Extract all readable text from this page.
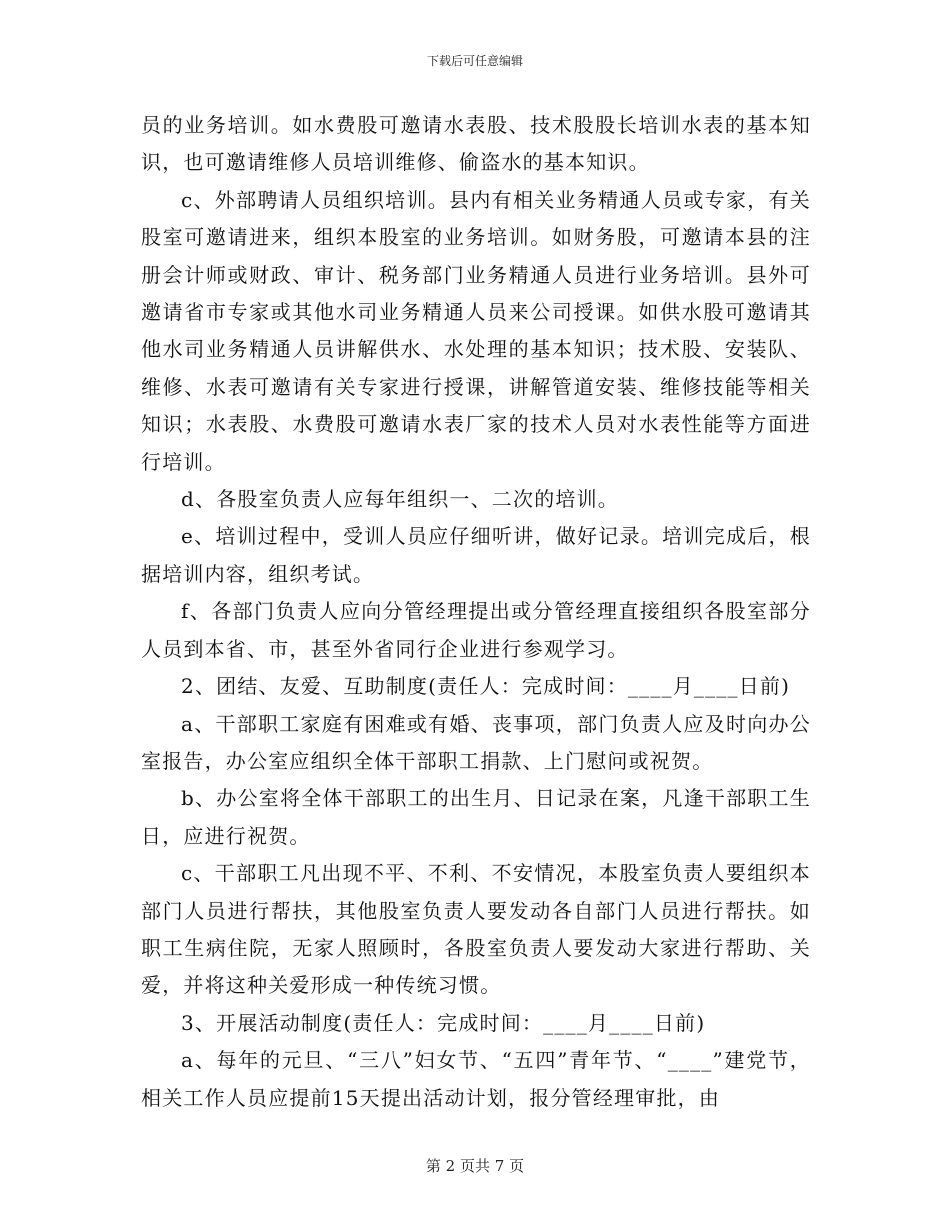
下载后可任意编辑

员的业务培训。如水费股可邀请水表股、技术股股长培训水表的基本知识，也可邀请维修人员培训维修、偷盗水的基本知识。

c、外部聘请人员组织培训。县内有相关业务精通人员或专家，有关股室可邀请进来，组织本股室的业务培训。如财务股，可邀请本县的注册会计师或财政、审计、税务部门业务精通人员进行业务培训。县外可邀请省市专家或其他水司业务精通人员来公司授课。如供水股可邀请其他水司业务精通人员讲解供水、水处理的基本知识；技术股、安装队、维修、水表可邀请有关专家进行授课，讲解管道安装、维修技能等相关知识；水表股、水费股可邀请水表厂家的技术人员对水表性能等方面进行培训。

d、各股室负责人应每年组织一、二次的培训。

e、培训过程中，受训人员应仔细听讲，做好记录。培训完成后，根据培训内容，组织考试。

f、各部门负责人应向分管经理提出或分管经理直接组织各股室部分人员到本省、市，甚至外省同行企业进行参观学习。

2、团结、友爱、互助制度(责任人：完成时间：____月____日前)

a、干部职工家庭有困难或有婚、丧事项，部门负责人应及时向办公室报告，办公室应组织全体干部职工捐款、上门慰问或祝贺。

b、办公室将全体干部职工的出生月、日记录在案，凡逢干部职工生日，应进行祝贺。

c、干部职工凡出现不平、不利、不安情况，本股室负责人要组织本部门人员进行帮扶，其他股室负责人要发动各自部门人员进行帮扶。如职工生病住院，无家人照顾时，各股室负责人要发动大家进行帮助、关爱，并将这种关爱形成一种传统习惯。

3、开展活动制度(责任人：完成时间：____月____日前)

a、每年的元旦、“三八”妇女节、“五四”青年节、“____”建党节，相关工作人员应提前15天提出活动计划，报分管经理审批，由

第 2 页共 7 页
